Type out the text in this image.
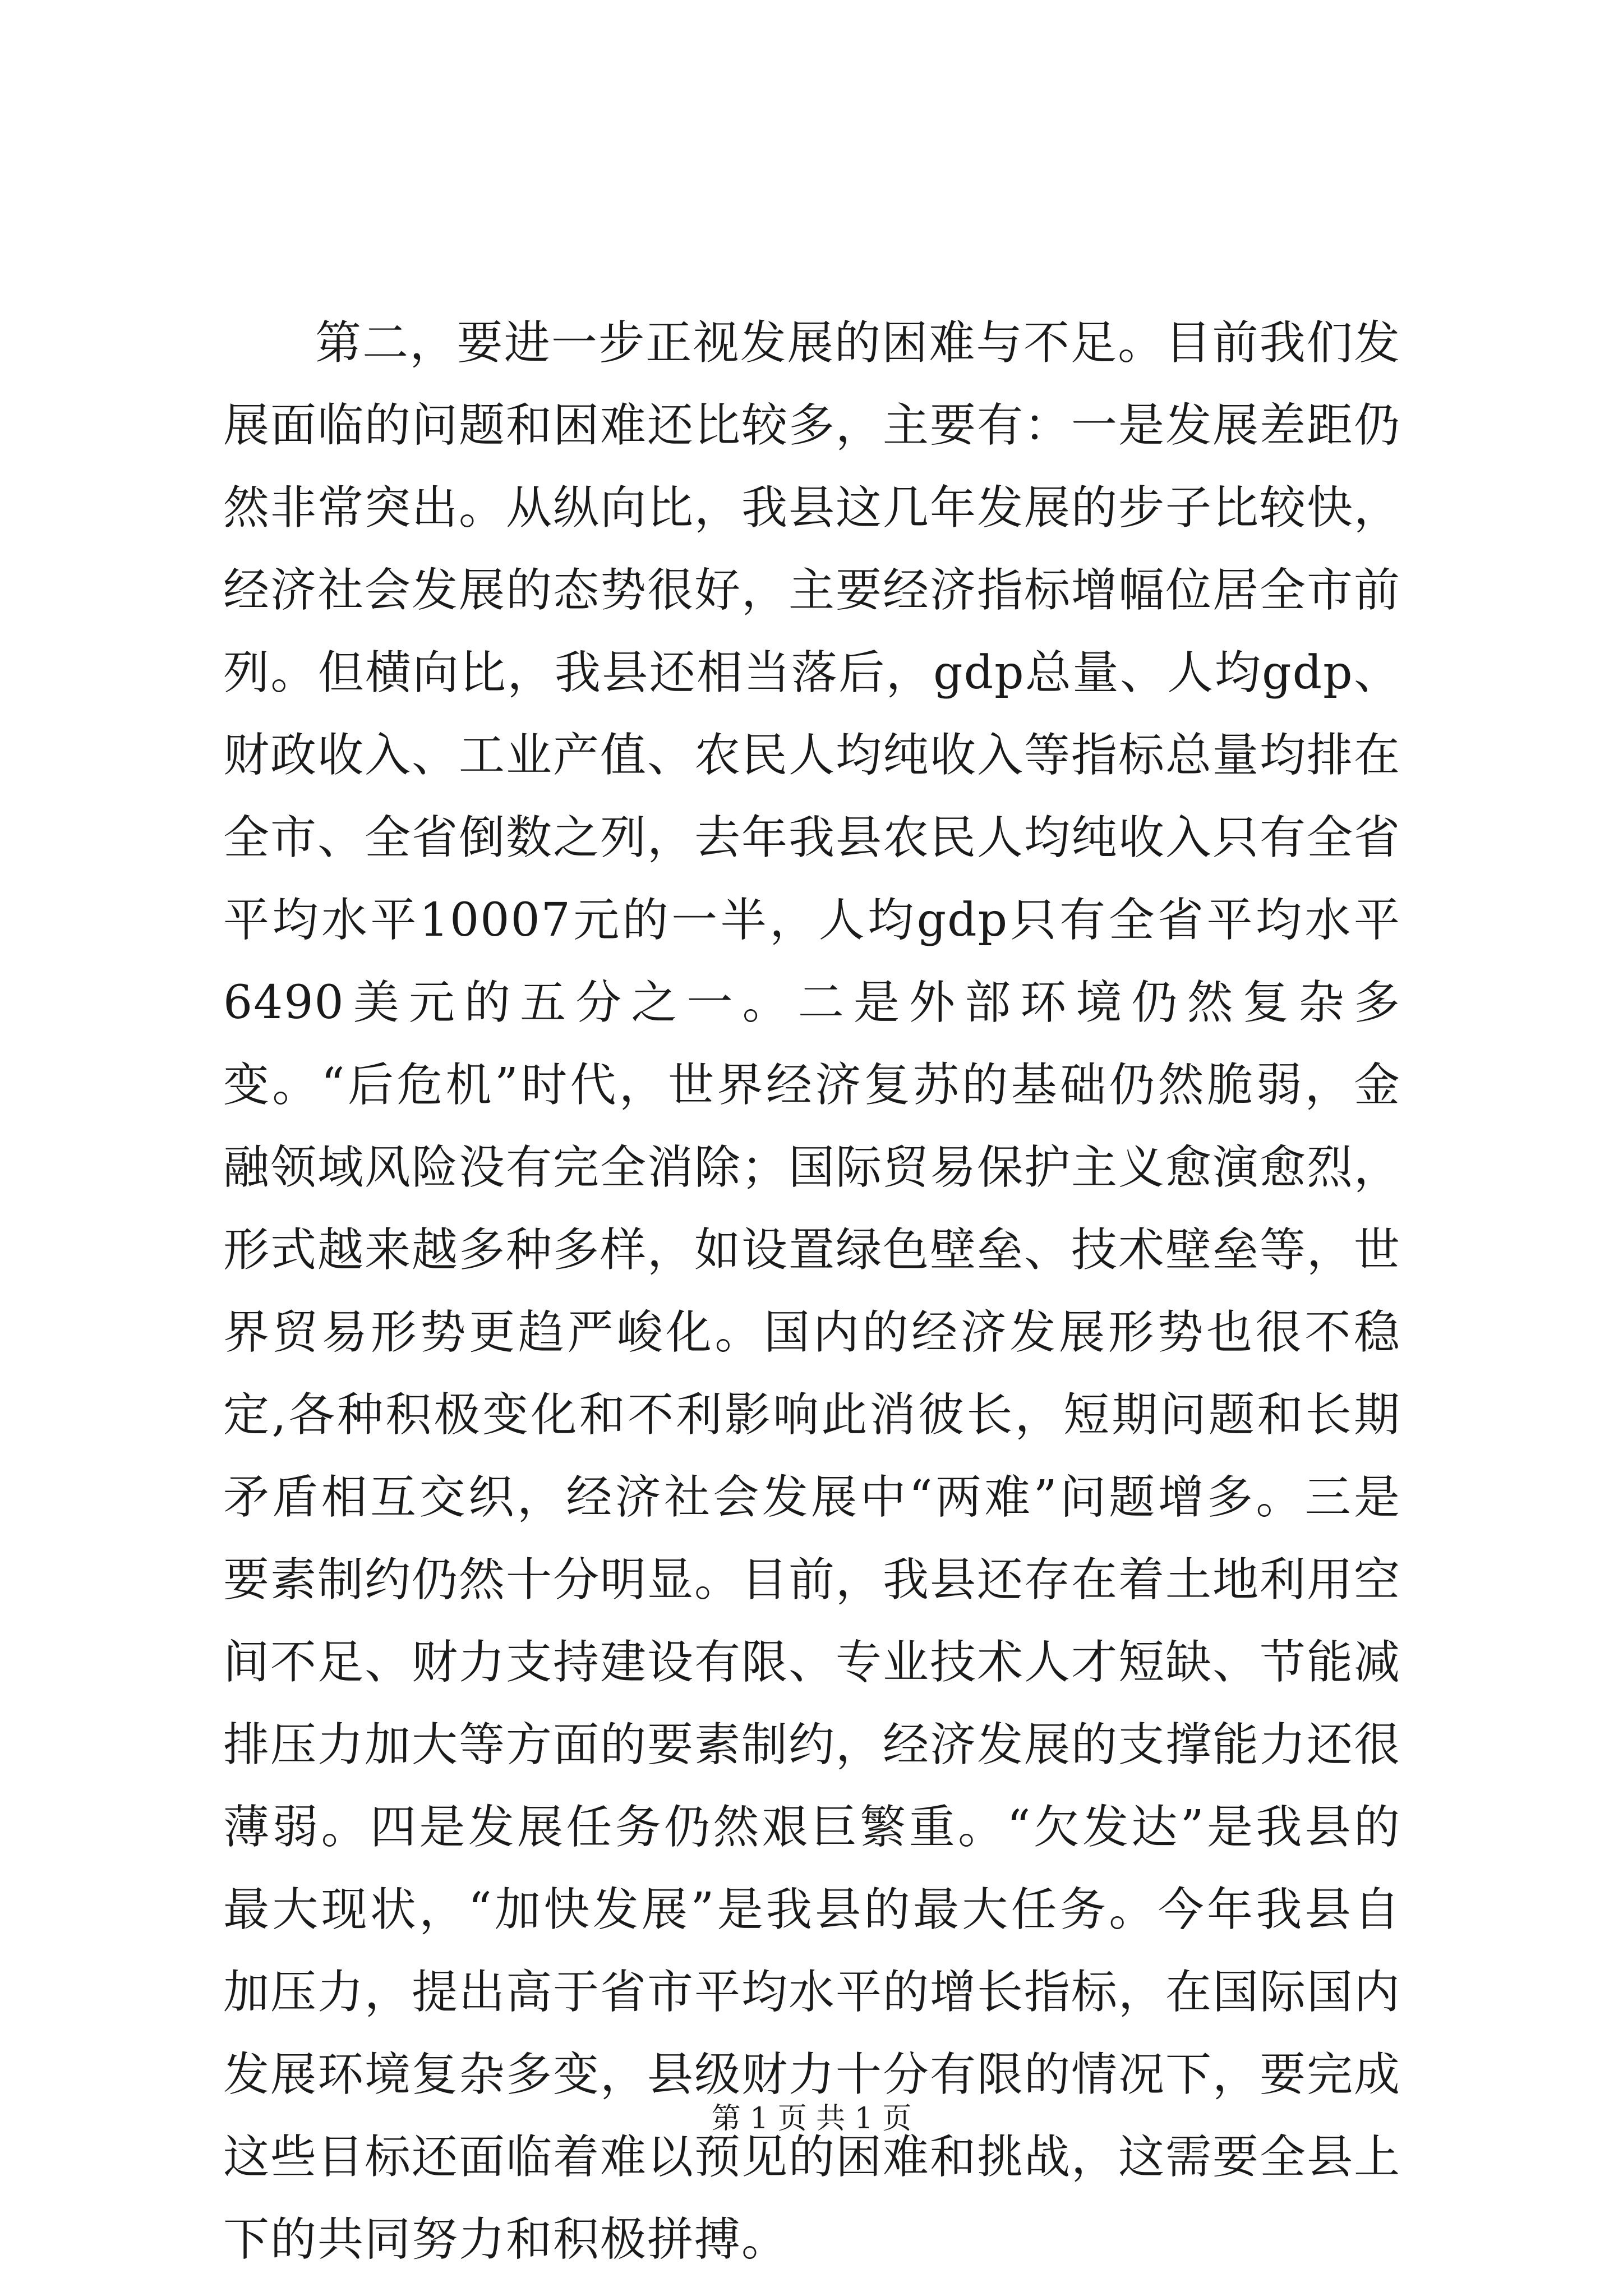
第二，要进一步正视发展的困难与不足。目前我们发展面临的问题和困难还比较多，主要有：一是发展差距仍然非常突出。从纵向比，我县这几年发展的步子比较快，经济社会发展的态势很好，主要经济指标增幅位居全市前列。但横向比，我县还相当落后，gdp总量、人均gdp、财政收入、工业产值、农民人均纯收入等指标总量均排在全市、全省倒数之列，去年我县农民人均纯收入只有全省平均水平10007元的一半，人均gdp只有全省平均水平6490美元的五分之一。二是外部环境仍然复杂多变。“后危机”时代，世界经济复苏的基础仍然脆弱，金融领域风险没有完全消除；国际贸易保护主义愈演愈烈，形式越来越多种多样，如设置绿色壁垒、技术壁垒等，世界贸易形势更趋严峻化。国内的经济发展形势也很不稳定,各种积极变化和不利影响此消彼长，短期问题和长期矛盾相互交织，经济社会发展中“两难”问题增多。三是要素制约仍然十分明显。目前，我县还存在着土地利用空间不足、财力支持建设有限、专业技术人才短缺、节能减排压力加大等方面的要素制约，经济发展的支撑能力还很薄弱。四是发展任务仍然艰巨繁重。“欠发达”是我县的最大现状，“加快发展”是我县的最大任务。今年我县自加压力，提出高于省市平均水平的增长指标，在国际国内发展环境复杂多变，县级财力十分有限的情况下，要完成这些目标还面临着难以预见的困难和挑战，这需要全县上下的共同努力和积极拼搏。

第 1 页 共 1 页
